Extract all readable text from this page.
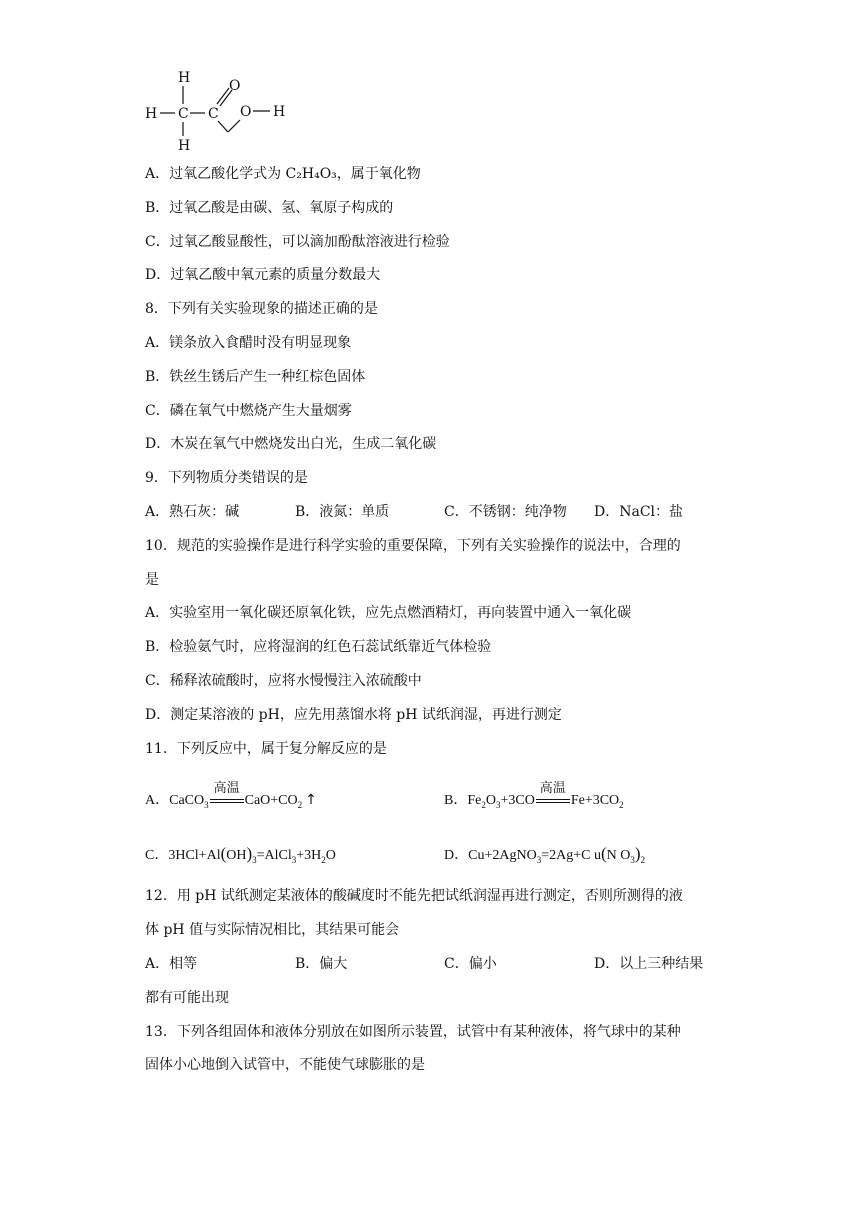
H
H C C
O
O H
H
A．过氧乙酸化学式为 C₂H₄O₃，属于氧化物
B．过氧乙酸是由碳、氢、氧原子构成的
C．过氧乙酸显酸性，可以滴加酚酞溶液进行检验
D．过氧乙酸中氧元素的质量分数最大
8．下列有关实验现象的描述正确的是
A．镁条放入食醋时没有明显现象
B．铁丝生锈后产生一种红棕色固体
C．磷在氧气中燃烧产生大量烟雾
D．木炭在氧气中燃烧发出白光，生成二氧化碳
9．下列物质分类错误的是
A．熟石灰：碱	B．液氮：单质	C．不锈钢：纯净物 D．NaCl：盐
10．规范的实验操作是进行科学实验的重要保障，下列有关实验操作的说法中，合理的
是
A．实验室用一氧化碳还原氧化铁，应先点燃酒精灯，再向装置中通入一氧化碳
B．检验氨气时，应将湿润的红色石蕊试纸靠近气体检验
C．稀释浓硫酸时，应将水慢慢注入浓硫酸中
D．测定某溶液的 pH，应先用蒸馏水将 pH 试纸润湿，再进行测定
11．下列反应中，属于复分解反应的是
A．CaCO$_3$
高温
$CaO+CO_2$ ↑	B．$Fe_2O_3+3CO$
高温
$Fe+3CO_2$
C．$3HCl+Al(OH)_3=AlCl_3+3H_2O$	D．Cu+2AgNO$_3$=2Ag+C u(N $O_3)_2$
12．用 pH 试纸测定某液体的酸碱度时不能先把试纸润湿再进行测定，否则所测得的液
体 pH 值与实际情况相比，其结果可能会
A．相等	B．偏大	C．偏小	D．以上三种结果
都有可能出现
13．下列各组固体和液体分别放在如图所示装置，试管中有某种液体，将气球中的某种
固体小心地倒入试管中，不能使气球膨胀的是
